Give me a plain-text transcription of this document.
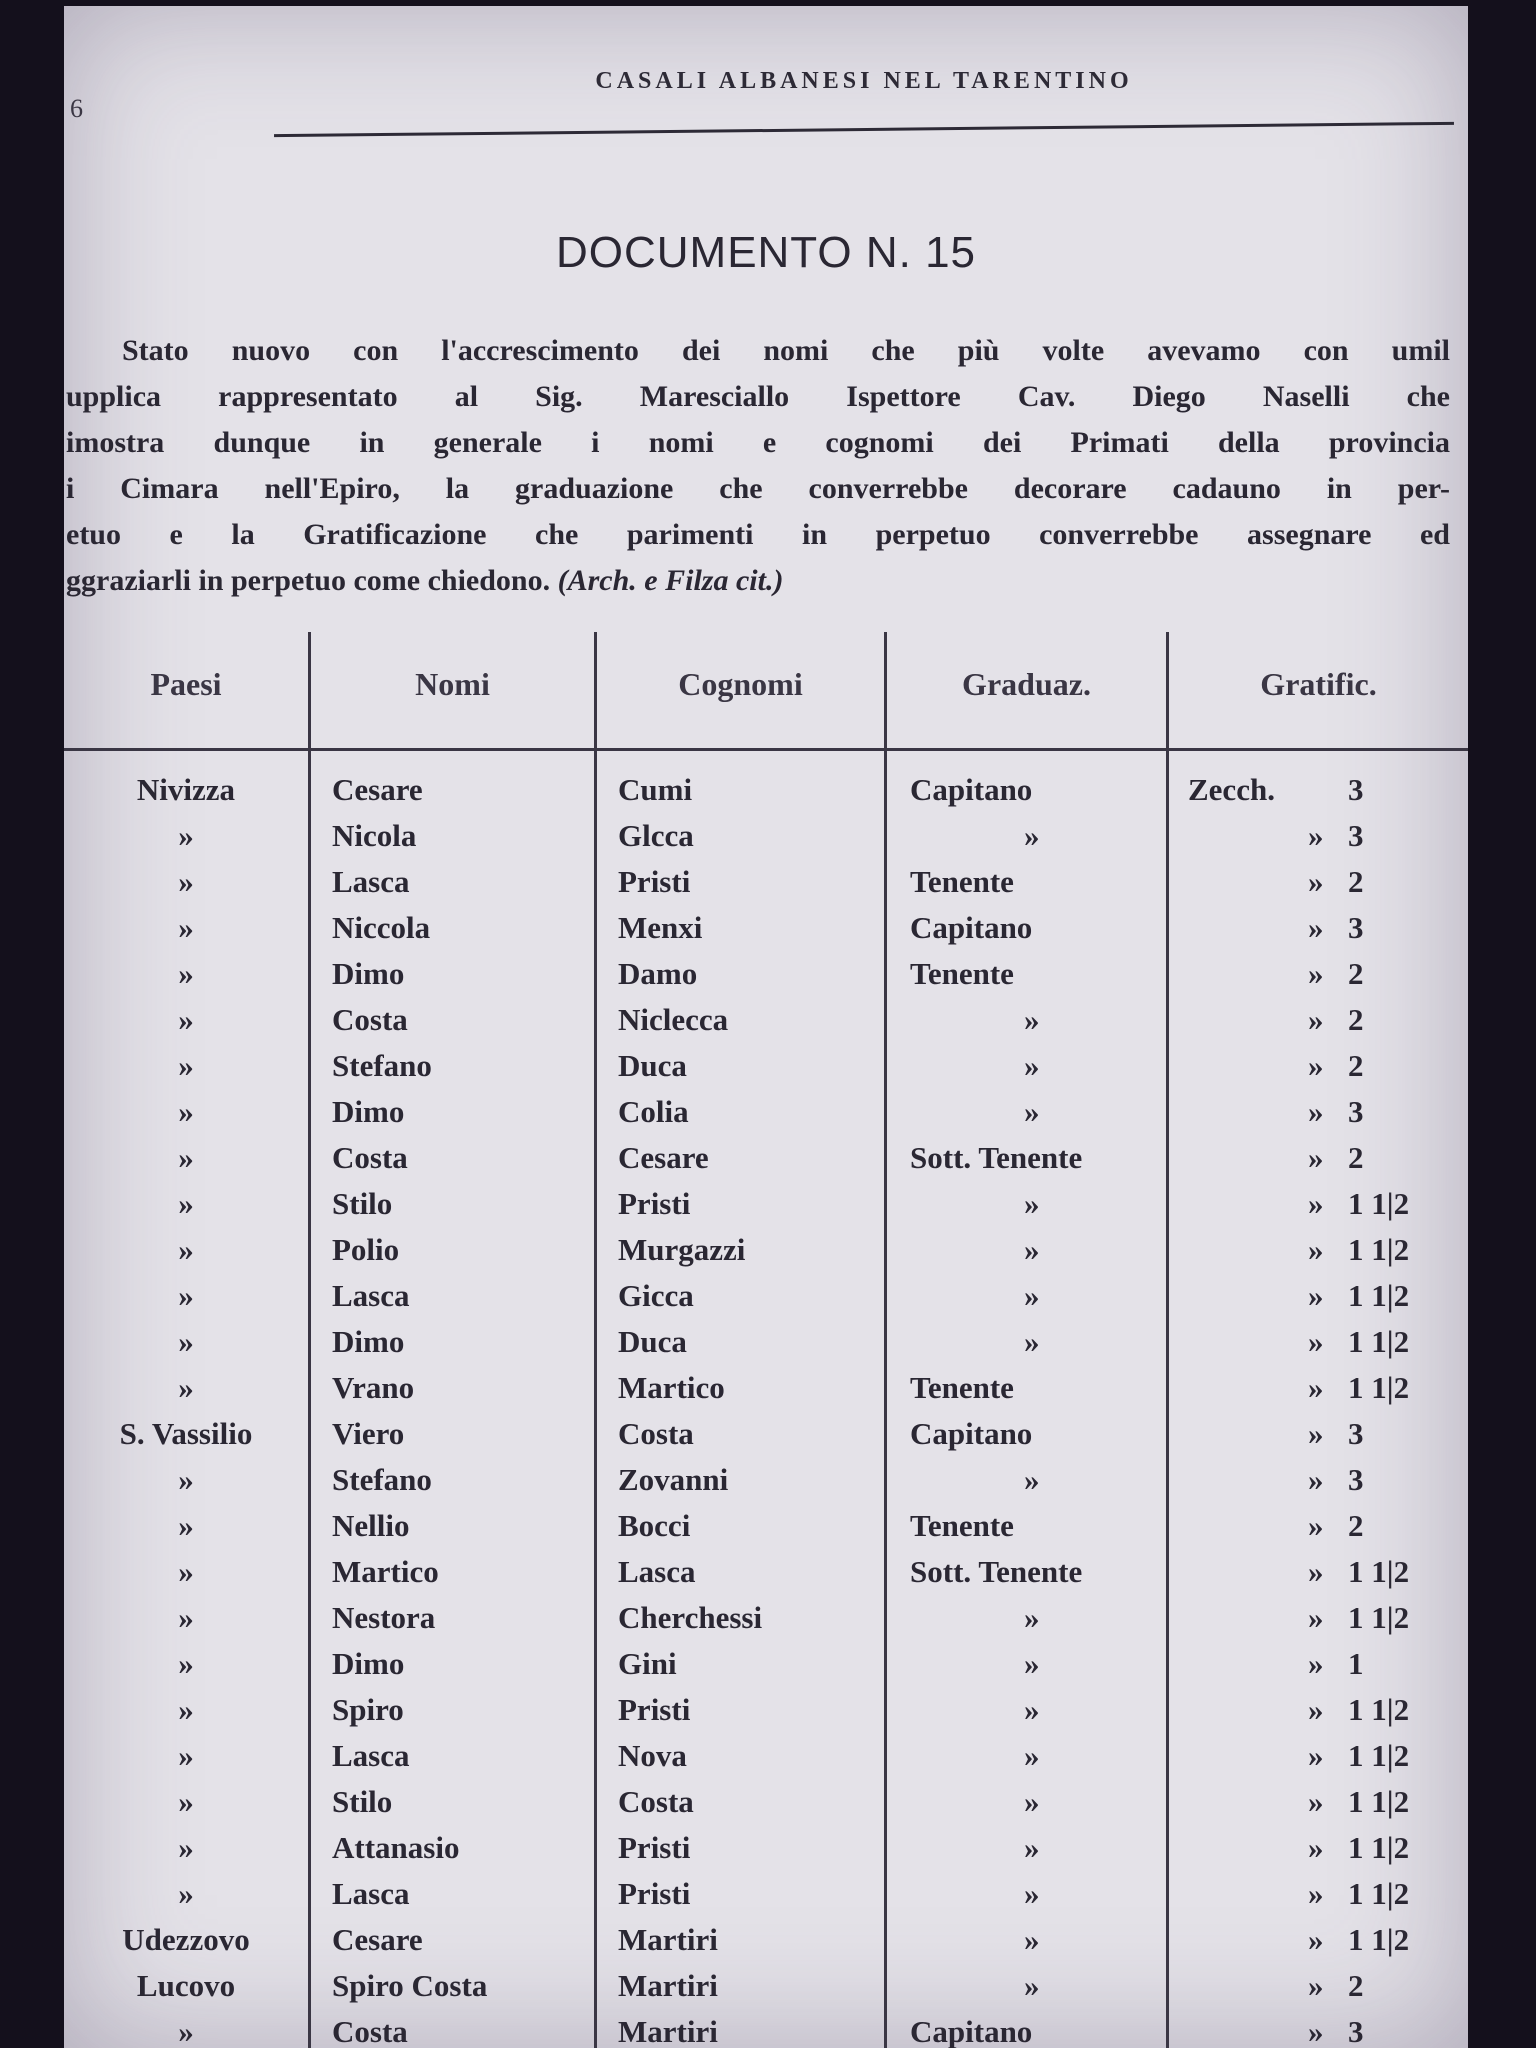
6
CASALI ALBANESI NEL TARENTINO
DOCUMENTO N. 15
Stato nuovo con l'accrescimento dei nomi che più volte avevamo con umil
upplica rappresentato al Sig. Maresciallo Ispettore Cav. Diego Naselli che
imostra dunque in generale i nomi e cognomi dei Primati della provincia
i Cimara nell'Epiro, la graduazione che converrebbe decorare cadauno in per-
etuo e la Gratificazione che parimenti in perpetuo converrebbe assegnare ed
ggraziarli in perpetuo come chiedono. (Arch. e Filza cit.)
Paesi	Nomi	Cognomi	Graduaz.	Gratific.
Nivizza	Cesare	Cumi	Capitano	Zecch. 3
»	Nicola	Glcca	»	» 3
»	Lasca	Pristi	Tenente	» 2
»	Niccola	Menxi	Capitano	» 3
»	Dimo	Damo	Tenente	» 2
»	Costa	Niclecca	»	» 2
»	Stefano	Duca	»	» 2
»	Dimo	Colia	»	» 3
»	Costa	Cesare	Sott. Tenente	» 2
»	Stilo	Pristi	»	» 1 1|2
»	Polio	Murgazzi	»	» 1 1|2
»	Lasca	Gicca	»	» 1 1|2
»	Dimo	Duca	»	» 1 1|2
»	Vrano	Martico	Tenente	» 1 1|2
S. Vassilio	Viero	Costa	Capitano	» 3
»	Stefano	Zovanni	»	» 3
»	Nellio	Bocci	Tenente	» 2
»	Martico	Lasca	Sott. Tenente	» 1 1|2
»	Nestora	Cherchessi	»	» 1 1|2
»	Dimo	Gini	»	» 1
»	Spiro	Pristi	»	» 1 1|2
»	Lasca	Nova	»	» 1 1|2
»	Stilo	Costa	»	» 1 1|2
»	Attanasio	Pristi	»	» 1 1|2
»	Lasca	Pristi	»	» 1 1|2
Udezzovo	Cesare	Martiri	»	» 1 1|2
Lucovo	Spiro Costa	Martiri	»	» 2
»	Costa	Martiri	Capitano	» 3
